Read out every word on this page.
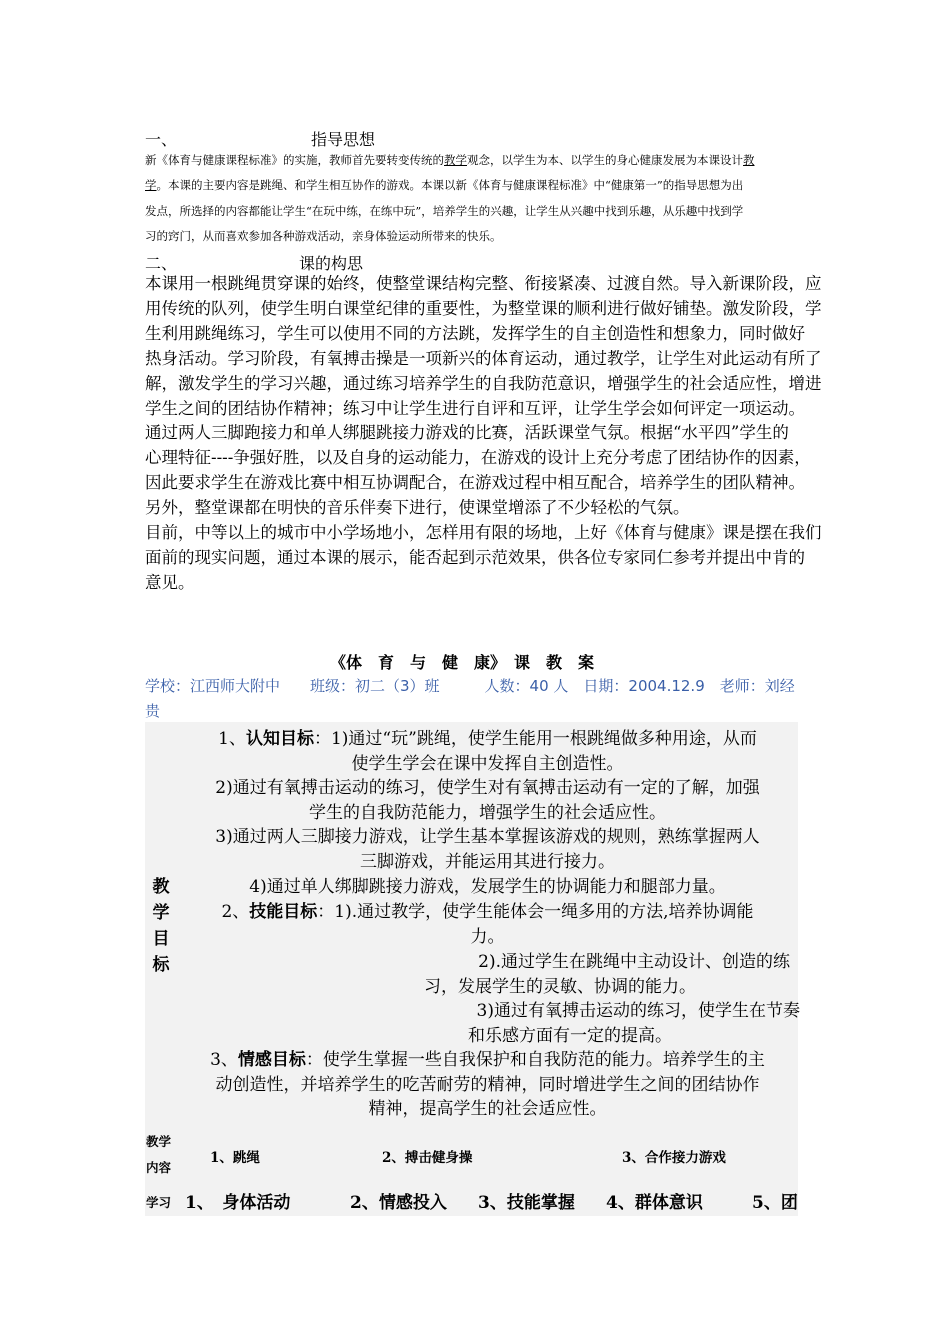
一、	指导思想
新《体育与健康课程标准》的实施，教师首先要转变传统的教学观念，以学生为本、以学生的身心健康发展为本课设计教
学。本课的主要内容是跳绳、和学生相互协作的游戏。本课以新《体育与健康课程标准》中“健康第一”的指导思想为出
发点，所选择的内容都能让学生“在玩中练，在练中玩”，培养学生的兴趣，让学生从兴趣中找到乐趣，从乐趣中找到学
习的窍门，从而喜欢参加各种游戏活动，亲身体验运动所带来的快乐。
二、	课的构思
本课用一根跳绳贯穿课的始终，使整堂课结构完整、衔接紧凑、过渡自然。导入新课阶段，应
用传统的队列，使学生明白课堂纪律的重要性，为整堂课的顺利进行做好铺垫。激发阶段，学
生利用跳绳练习，学生可以使用不同的方法跳，发挥学生的自主创造性和想象力，同时做好
热身活动。学习阶段，有氧搏击操是一项新兴的体育运动，通过教学，让学生对此运动有所了
解，激发学生的学习兴趣，通过练习培养学生的自我防范意识，增强学生的社会适应性，增进
学生之间的团结协作精神；练习中让学生进行自评和互评，让学生学会如何评定一项运动。
通过两人三脚跑接力和单人绑腿跳接力游戏的比赛，活跃课堂气氛。根据“水平四”学生的
心理特征----争强好胜，以及自身的运动能力，在游戏的设计上充分考虑了团结协作的因素，
因此要求学生在游戏比赛中相互协调配合，在游戏过程中相互配合，培养学生的团队精神。
另外，整堂课都在明快的音乐伴奏下进行，使课堂增添了不少轻松的气氛。
目前，中等以上的城市中小学场地小，怎样用有限的场地，上好《体育与健康》课是摆在我们
面前的现实问题，通过本课的展示，能否起到示范效果，供各位专家同仁参考并提出中肯的
意见。
《体　育　与　健　康》　课　教　案
学校：江西师大附中　　班级：初二（3）班　　　人数：40 人　日期：2004.12.9　老师：刘经
贵
教
学
目
标
1、认知目标：1)通过“玩”跳绳，使学生能用一根跳绳做多种用途，从而
使学生学会在课中发挥自主创造性。
2)通过有氧搏击运动的练习，使学生对有氧搏击运动有一定的了解，加强
学生的自我防范能力，增强学生的社会适应性。
3)通过两人三脚接力游戏，让学生基本掌握该游戏的规则，熟练掌握两人
三脚游戏，并能运用其进行接力。
4)通过单人绑脚跳接力游戏，发展学生的协调能力和腿部力量。
2、技能目标：1).通过教学，使学生能体会一绳多用的方法,培养协调能
力。
2).通过学生在跳绳中主动设计、创造的练
习，发展学生的灵敏、协调的能力。
3)通过有氧搏击运动的练习，使学生在节奏
和乐感方面有一定的提高。
3、情感目标：使学生掌握一些自我保护和自我防范的能力。培养学生的主
动创造性，并培养学生的吃苦耐劳的精神，同时增进学生之间的团结协作
精神，提高学生的社会适应性。
教学
内容
1、跳绳	2、搏击健身操	3、合作接力游戏
学习 1、　身体活动	2、情感投入 3、技能掌握 4、群体意识	5、团
